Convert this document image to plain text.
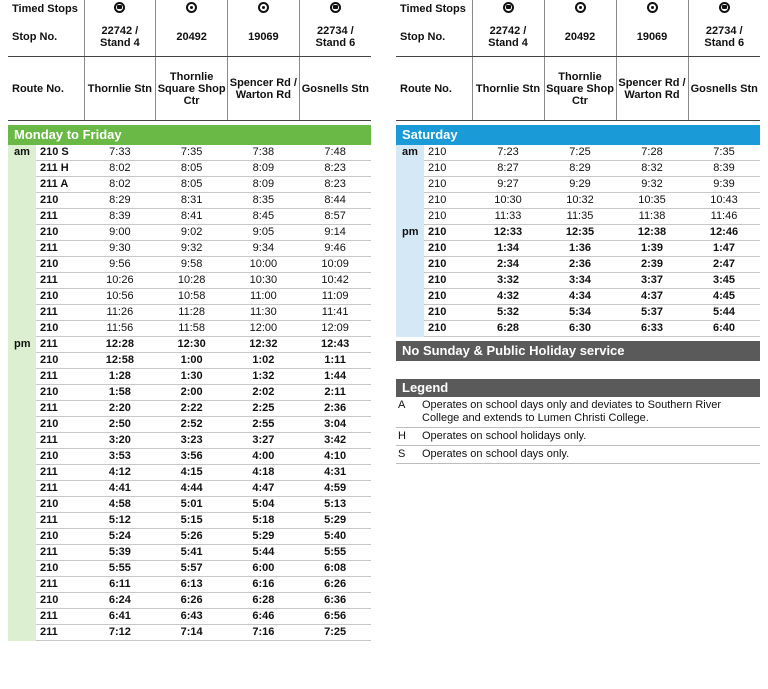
Timed Stops				
Stop No.	22742 / Stand 4	20492	19069	22734 / Stand 6
Route No.	Thornlie Stn	Thornlie Square Shop Ctr	Spencer Rd / Warton Rd	Gosnells Stn
Monday to Friday
am	210 S	7:33	7:35	7:38	7:48
	211 H	8:02	8:05	8:09	8:23
	211 A	8:02	8:05	8:09	8:23
	210	8:29	8:31	8:35	8:44
	211	8:39	8:41	8:45	8:57
	210	9:00	9:02	9:05	9:14
	211	9:30	9:32	9:34	9:46
	210	9:56	9:58	10:00	10:09
	211	10:26	10:28	10:30	10:42
	210	10:56	10:58	11:00	11:09
	211	11:26	11:28	11:30	11:41
	210	11:56	11:58	12:00	12:09
pm	211	12:28	12:30	12:32	12:43
	210	12:58	1:00	1:02	1:11
	211	1:28	1:30	1:32	1:44
	210	1:58	2:00	2:02	2:11
	211	2:20	2:22	2:25	2:36
	210	2:50	2:52	2:55	3:04
	211	3:20	3:23	3:27	3:42
	210	3:53	3:56	4:00	4:10
	211	4:12	4:15	4:18	4:31
	211	4:41	4:44	4:47	4:59
	210	4:58	5:01	5:04	5:13
	211	5:12	5:15	5:18	5:29
	210	5:24	5:26	5:29	5:40
	211	5:39	5:41	5:44	5:55
	210	5:55	5:57	6:00	6:08
	211	6:11	6:13	6:16	6:26
	210	6:24	6:26	6:28	6:36
	211	6:41	6:43	6:46	6:56
	211	7:12	7:14	7:16	7:25
Timed Stops				
Stop No.	22742 / Stand 4	20492	19069	22734 / Stand 6
Route No.	Thornlie Stn	Thornlie Square Shop Ctr	Spencer Rd / Warton Rd	Gosnells Stn
Saturday
am	210	7:23	7:25	7:28	7:35
	210	8:27	8:29	8:32	8:39
	210	9:27	9:29	9:32	9:39
	210	10:30	10:32	10:35	10:43
	210	11:33	11:35	11:38	11:46
pm	210	12:33	12:35	12:38	12:46
	210	1:34	1:36	1:39	1:47
	210	2:34	2:36	2:39	2:47
	210	3:32	3:34	3:37	3:45
	210	4:32	4:34	4:37	4:45
	210	5:32	5:34	5:37	5:44
	210	6:28	6:30	6:33	6:40
No Sunday & Public Holiday service
Legend
A	Operates on school days only and deviates to Southern River College and extends to Lumen Christi College.
H	Operates on school holidays only.
S	Operates on school days only.
